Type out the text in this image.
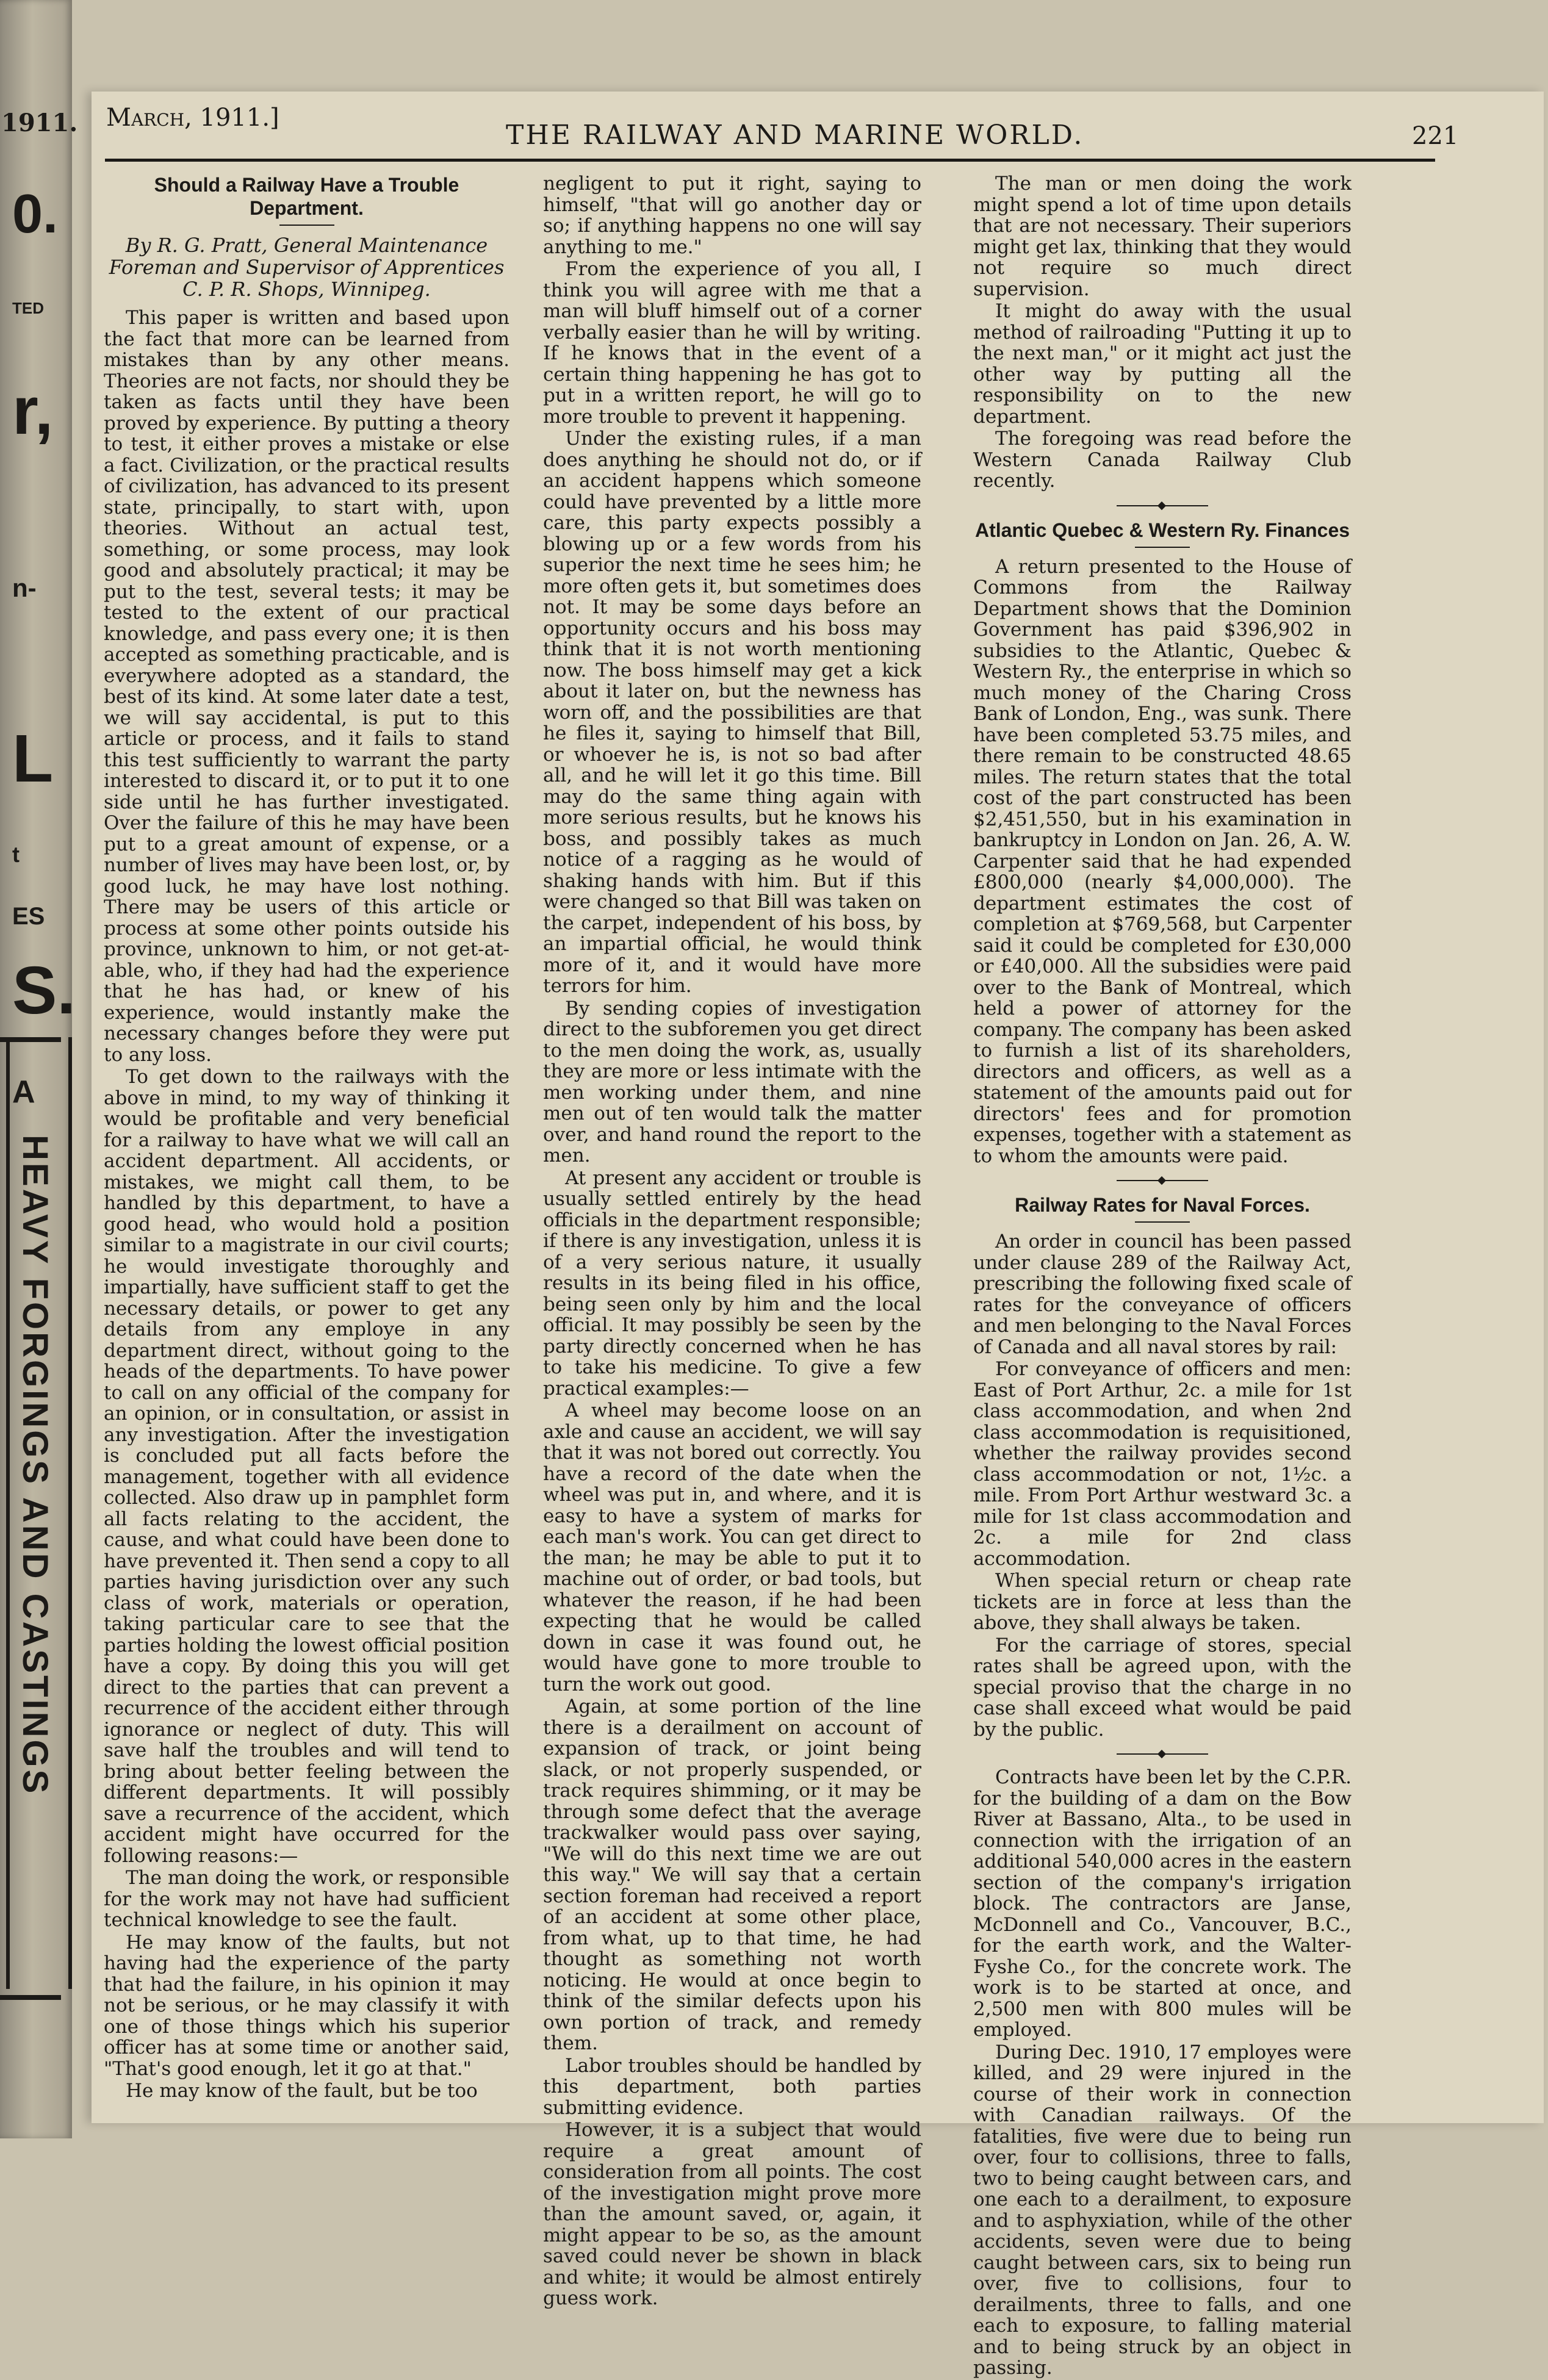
1911.
0.
TED
r,
n-
L
t
ES
S.
A
HEAVY FORGINGS AND CASTINGS
March, 1911.]
THE RAILWAY AND MARINE WORLD.	221
Should a Railway Have a Trouble Department.
By R. G. Pratt, General Maintenance Foreman and Supervisor of Apprentices C. P. R. Shops, Winnipeg.

This paper is written and based upon the fact that more can be learned from mistakes than by any other means. Theories are not facts, nor should they be taken as facts until they have been proved by experience. By putting a theory to test, it either proves a mistake or else a fact. Civilization, or the practical results of civilization, has advanced to its present state, principally, to start with, upon theories. Without an actual test, something, or some process, may look good and absolutely practical; it may be put to the test, several tests; it may be tested to the extent of our practical knowledge, and pass every one; it is then accepted as something practicable, and is everywhere adopted as a standard, the best of its kind. At some later date a test, we will say accidental, is put to this article or process, and it fails to stand this test sufficiently to warrant the party interested to discard it, or to put it to one side until he has further investigated. Over the failure of this he may have been put to a great amount of expense, or a number of lives may have been lost, or, by good luck, he may have lost nothing. There may be users of this article or process at some other points outside his province, unknown to him, or not get-at-able, who, if they had had the experience that he has had, or knew of his experience, would instantly make the necessary changes before they were put to any loss.

To get down to the railways with the above in mind, to my way of thinking it would be profitable and very beneficial for a railway to have what we will call an accident department. All accidents, or mistakes, we might call them, to be handled by this department, to have a good head, who would hold a position similar to a magistrate in our civil courts; he would investigate thoroughly and impartially, have sufficient staff to get the necessary details, or power to get any details from any employe in any department direct, without going to the heads of the departments. To have power to call on any official of the company for an opinion, or in consultation, or assist in any investigation. After the investigation is concluded put all facts before the management, together with all evidence collected. Also draw up in pamphlet form all facts relating to the accident, the cause, and what could have been done to have prevented it. Then send a copy to all parties having jurisdiction over any such class of work, materials or operation, taking particular care to see that the parties holding the lowest official position have a copy. By doing this you will get direct to the parties that can prevent a recurrence of the accident either through ignorance or neglect of duty. This will save half the troubles and will tend to bring about better feeling between the different departments. It will possibly save a recurrence of the accident, which accident might have occurred for the following reasons:—

The man doing the work, or responsible for the work may not have had sufficient technical knowledge to see the fault.

He may know of the faults, but not having had the experience of the party that had the failure, in his opinion it may not be serious, or he may classify it with one of those things which his superior officer has at some time or another said, "That's good enough, let it go at that."

He may know of the fault, but be too

negligent to put it right, saying to himself, "that will go another day or so; if anything happens no one will say anything to me."

From the experience of you all, I think you will agree with me that a man will bluff himself out of a corner verbally easier than he will by writing. If he knows that in the event of a certain thing happening he has got to put in a written report, he will go to more trouble to prevent it happening.

Under the existing rules, if a man does anything he should not do, or if an accident happens which someone could have prevented by a little more care, this party expects possibly a blowing up or a few words from his superior the next time he sees him; he more often gets it, but sometimes does not. It may be some days before an opportunity occurs and his boss may think that it is not worth mentioning now. The boss himself may get a kick about it later on, but the newness has worn off, and the possibilities are that he files it, saying to himself that Bill, or whoever he is, is not so bad after all, and he will let it go this time. Bill may do the same thing again with more serious results, but he knows his boss, and possibly takes as much notice of a ragging as he would of shaking hands with him. But if this were changed so that Bill was taken on the carpet, independent of his boss, by an impartial official, he would think more of it, and it would have more terrors for him.

By sending copies of investigation direct to the subforemen you get direct to the men doing the work, as, usually they are more or less intimate with the men working under them, and nine men out of ten would talk the matter over, and hand round the report to the men.

At present any accident or trouble is usually settled entirely by the head officials in the department responsible; if there is any investigation, unless it is of a very serious nature, it usually results in its being filed in his office, being seen only by him and the local official. It may possibly be seen by the party directly concerned when he has to take his medicine. To give a few practical examples:—

A wheel may become loose on an axle and cause an accident, we will say that it was not bored out correctly. You have a record of the date when the wheel was put in, and where, and it is easy to have a system of marks for each man's work. You can get direct to the man; he may be able to put it to machine out of order, or bad tools, but whatever the reason, if he had been expecting that he would be called down in case it was found out, he would have gone to more trouble to turn the work out good.

Again, at some portion of the line there is a derailment on account of expansion of track, or joint being slack, or not properly suspended, or track requires shimming, or it may be through some defect that the average trackwalker would pass over saying, "We will do this next time we are out this way." We will say that a certain section foreman had received a report of an accident at some other place, from what, up to that time, he had thought as something not worth noticing. He would at once begin to think of the similar defects upon his own portion of track, and remedy them.

Labor troubles should be handled by this department, both parties submitting evidence.

However, it is a subject that would require a great amount of consideration from all points. The cost of the investigation might prove more than the amount saved, or, again, it might appear to be so, as the amount saved could never be shown in black and white; it would be almost entirely guess work.

The man or men doing the work might spend a lot of time upon details that are not necessary. Their superiors might get lax, thinking that they would not require so much direct supervision.

It might do away with the usual method of railroading "Putting it up to the next man," or it might act just the other way by putting all the responsibility on to the new department.

The foregoing was read before the Western Canada Railway Club recently.

Atlantic Quebec & Western Ry. Finances

A return presented to the House of Commons from the Railway Department shows that the Dominion Government has paid $396,902 in subsidies to the Atlantic, Quebec & Western Ry., the enterprise in which so much money of the Charing Cross Bank of London, Eng., was sunk. There have been completed 53.75 miles, and there remain to be constructed 48.65 miles. The return states that the total cost of the part constructed has been $2,451,550, but in his examination in bankruptcy in London on Jan. 26, A. W. Carpenter said that he had expended £800,000 (nearly $4,000,000). The department estimates the cost of completion at $769,568, but Carpenter said it could be completed for £30,000 or £40,000. All the subsidies were paid over to the Bank of Montreal, which held a power of attorney for the company. The company has been asked to furnish a list of its shareholders, directors and officers, as well as a statement of the amounts paid out for directors' fees and for promotion expenses, together with a statement as to whom the amounts were paid.

Railway Rates for Naval Forces.

An order in council has been passed under clause 289 of the Railway Act, prescribing the following fixed scale of rates for the conveyance of officers and men belonging to the Naval Forces of Canada and all naval stores by rail:

For conveyance of officers and men: East of Port Arthur, 2c. a mile for 1st class accommodation, and when 2nd class accommodation is requisitioned, whether the railway provides second class accommodation or not, 1½c. a mile. From Port Arthur westward 3c. a mile for 1st class accommodation and 2c. a mile for 2nd class accommodation.

When special return or cheap rate tickets are in force at less than the above, they shall always be taken.

For the carriage of stores, special rates shall be agreed upon, with the special proviso that the charge in no case shall exceed what would be paid by the public.

Contracts have been let by the C.P.R. for the building of a dam on the Bow River at Bassano, Alta., to be used in connection with the irrigation of an additional 540,000 acres in the eastern section of the company's irrigation block. The contractors are Janse, McDonnell and Co., Vancouver, B.C., for the earth work, and the Walter-Fyshe Co., for the concrete work. The work is to be started at once, and 2,500 men with 800 mules will be employed.

During Dec. 1910, 17 employes were killed, and 29 were injured in the course of their work in connection with Canadian railways. Of the fatalities, five were due to being run over, four to collisions, three to falls, two to being caught between cars, and one each to a derailment, to exposure and to asphyxiation, while of the other accidents, seven were due to being caught between cars, six to being run over, five to collisions, four to derailments, three to falls, and one each to exposure, to falling material and to being struck by an object in passing.
